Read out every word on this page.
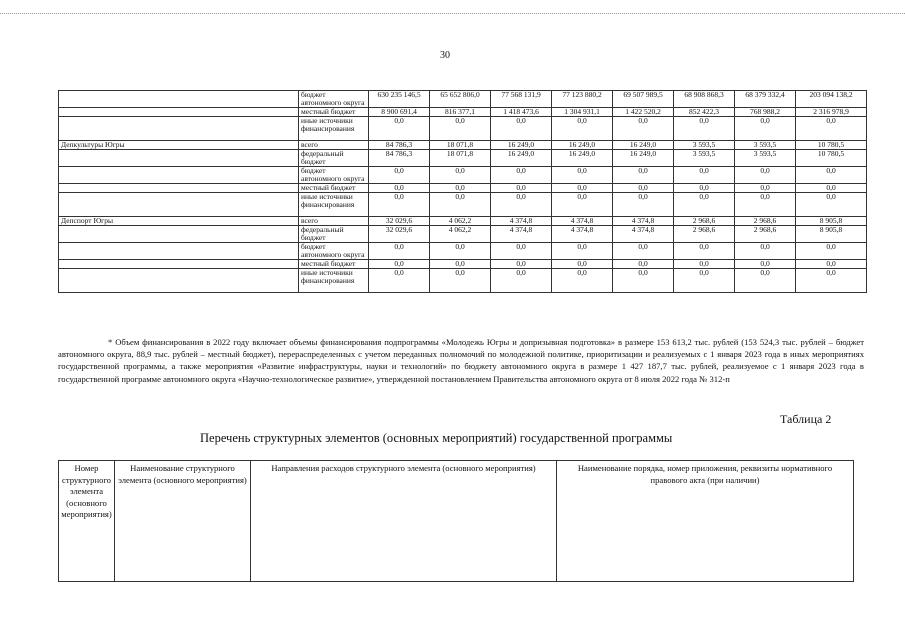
30
	бюджет автономного округа	630 235 146,5	65 652 806,0	77 568 131,9	77 123 880,2	69 507 989,5	68 908 868,3	68 379 332,4	203 094 138,2
	местный бюджет	8 900 691,4	816 377,1	1 418 473,6	1 304 931,1	1 422 520,2	852 422,3	768 988,2	2 316 978,9
	иные источники финансирования	0,0	0,0	0,0	0,0	0,0	0,0	0,0	0,0
Депкультуры Югры	всего	84 786,3	18 071,8	16 249,0	16 249,0	16 249,0	3 593,5	3 593,5	10 780,5
	федеральный бюджет	84 786,3	18 071,8	16 249,0	16 249,0	16 249,0	3 593,5	3 593,5	10 780,5
	бюджет автономного округа	0,0	0,0	0,0	0,0	0,0	0,0	0,0	0,0
	местный бюджет	0,0	0,0	0,0	0,0	0,0	0,0	0,0	0,0
	иные источники финансирования	0,0	0,0	0,0	0,0	0,0	0,0	0,0	0,0
Депспорт Югры	всего	32 029,6	4 062,2	4 374,8	4 374,8	4 374,8	2 968,6	2 968,6	8 905,8
	федеральный бюджет	32 029,6	4 062,2	4 374,8	4 374,8	4 374,8	2 968,6	2 968,6	8 905,8
	бюджет автономного округа	0,0	0,0	0,0	0,0	0,0	0,0	0,0	0,0
	местный бюджет	0,0	0,0	0,0	0,0	0,0	0,0	0,0	0,0
	иные источники финансирования	0,0	0,0	0,0	0,0	0,0	0,0	0,0	0,0

* Объем финансирования в 2022 году включает объемы финансирования подпрограммы «Молодежь Югры и допризывная подготовка» в размере 153 613,2 тыс. рублей (153 524,3 тыс. рублей – бюджет автономного округа, 88,9 тыс. рублей – местный бюджет), перераспределенных с учетом переданных полномочий по молодежной политике, приоритизации и реализуемых с 1 января 2023 года в иных мероприятиях государственной программы, а также мероприятия «Развитие инфраструктуры, науки и технологий» по бюджету автономного округа в размере 1 427 187,7 тыс. рублей, реализуемое с 1 января 2023 года в государственной программе автономного округа «Научно-технологическое развитие», утвержденной постановлением Правительства автономного округа от 8 июля 2022 года № 312-п

Таблица 2
Перечень структурных элементов (основных мероприятий) государственной программы
Номер структурного элемента (основного мероприятия)	Наименование структурного элемента (основного мероприятия)	Направления расходов структурного элемента (основного мероприятия)	Наименование порядка, номер приложения, реквизиты нормативного правового акта (при наличии)
